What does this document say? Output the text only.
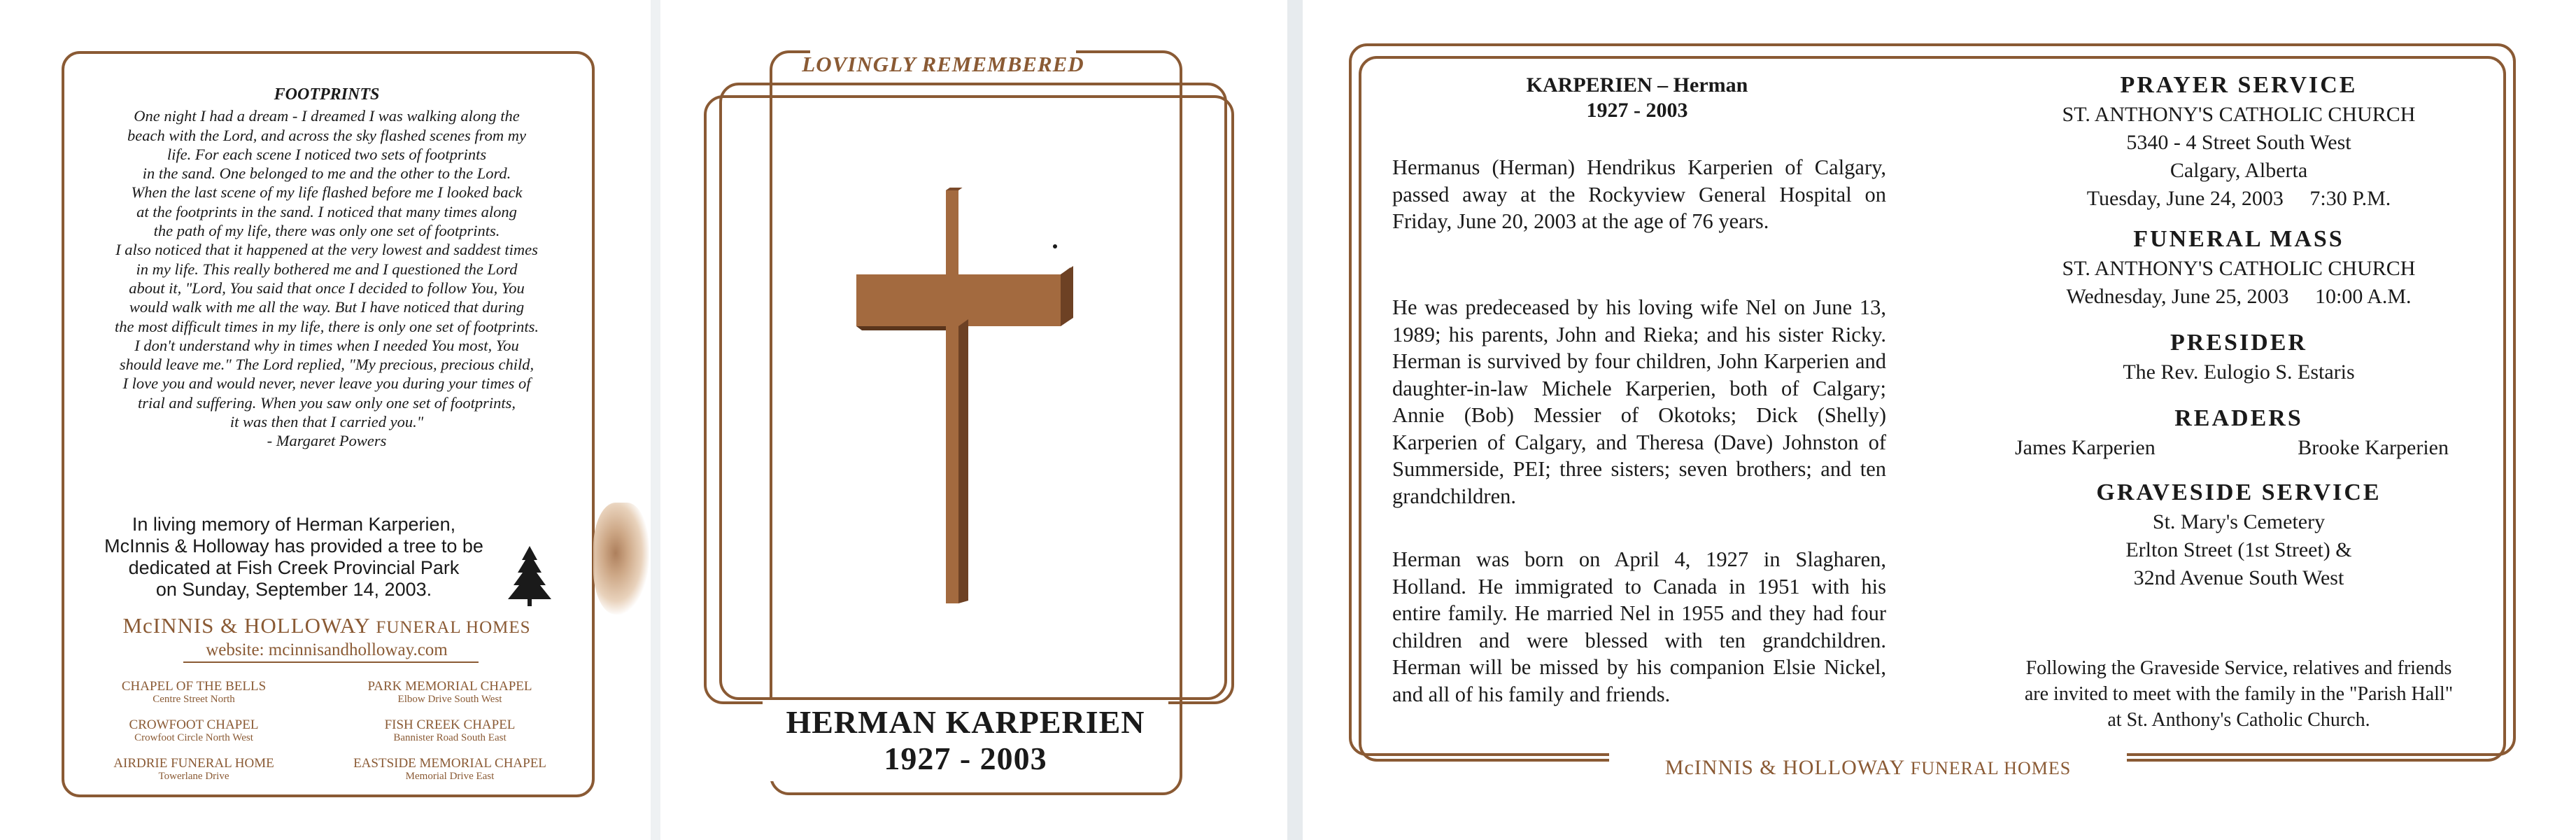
FOOTPRINTS
One night I had a dream - I dreamed I was walking along the
beach with the Lord, and across the sky flashed scenes from my
life. For each scene I noticed two sets of footprints
in the sand. One belonged to me and the other to the Lord.
When the last scene of my life flashed before me I looked back
at the footprints in the sand. I noticed that many times along
the path of my life, there was only one set of footprints.
I also noticed that it happened at the very lowest and saddest times
in my life. This really bothered me and I questioned the Lord
about it, "Lord, You said that once I decided to follow You, You
would walk with me all the way. But I have noticed that during
the most difficult times in my life, there is only one set of footprints.
I don't understand why in times when I needed You most, You
should leave me." The Lord replied, "My precious, precious child,
I love you and would never, never leave you during your times of
trial and suffering. When you saw only one set of footprints,
it was then that I carried you."
- Margaret Powers
In living memory of Herman Karperien,
McInnis & Holloway has provided a tree to be
dedicated at Fish Creek Provincial Park
on Sunday, September 14, 2003.
McINNIS & HOLLOWAY FUNERAL HOMES
website: mcinnisandholloway.com
CHAPEL OF THE BELLS
Centre Street North
PARK MEMORIAL CHAPEL
Elbow Drive South West
CROWFOOT CHAPEL
Crowfoot Circle North West
FISH CREEK CHAPEL
Bannister Road South East
AIRDRIE FUNERAL HOME
Towerlane Drive
EASTSIDE MEMORIAL CHAPEL
Memorial Drive East
LOVINGLY REMEMBERED
HERMAN KARPERIEN
1927 - 2003	McINNIS & HOLLOWAY FUNERAL HOMES
KARPERIEN – Herman
1927 - 2003
Hermanus (Herman) Hendrikus Karperien of Calgary, passed away at the Rockyview General Hospital on Friday, June 20, 2003 at the age of 76 years.
He was predeceased by his loving wife Nel on June 13, 1989; his parents, John and Rieka; and his sister Ricky. Herman is survived by four children, John Karperien and daughter-in-law Michele Karperien, both of Calgary; Annie (Bob) Messier of Okotoks; Dick (Shelly) Karperien of Calgary, and Theresa (Dave) Johnston of Summerside, PEI; three sisters; seven brothers; and ten grandchildren.
Herman was born on April 4, 1927 in Slagharen, Holland. He immigrated to Canada in 1951 with his entire family. He married Nel in 1955 and they had four children and were blessed with ten grandchildren. Herman will be missed by his companion Elsie Nickel, and all of his family and friends.
PRAYER SERVICE
ST. ANTHONY'S CATHOLIC CHURCH
5340 - 4 Street South West
Calgary, Alberta
Tuesday, June 24, 2003     7:30 P.M.
FUNERAL MASS
ST. ANTHONY'S CATHOLIC CHURCH
Wednesday, June 25, 2003     10:00 A.M.
PRESIDER
The Rev. Eulogio S. Estaris
READERS
James Karperien	Brooke Karperien
GRAVESIDE SERVICE
St. Mary's Cemetery
Erlton Street (1st Street) &
32nd Avenue South West
Following the Graveside Service, relatives and friends
are invited to meet with the family in the "Parish Hall"
at St. Anthony's Catholic Church.
